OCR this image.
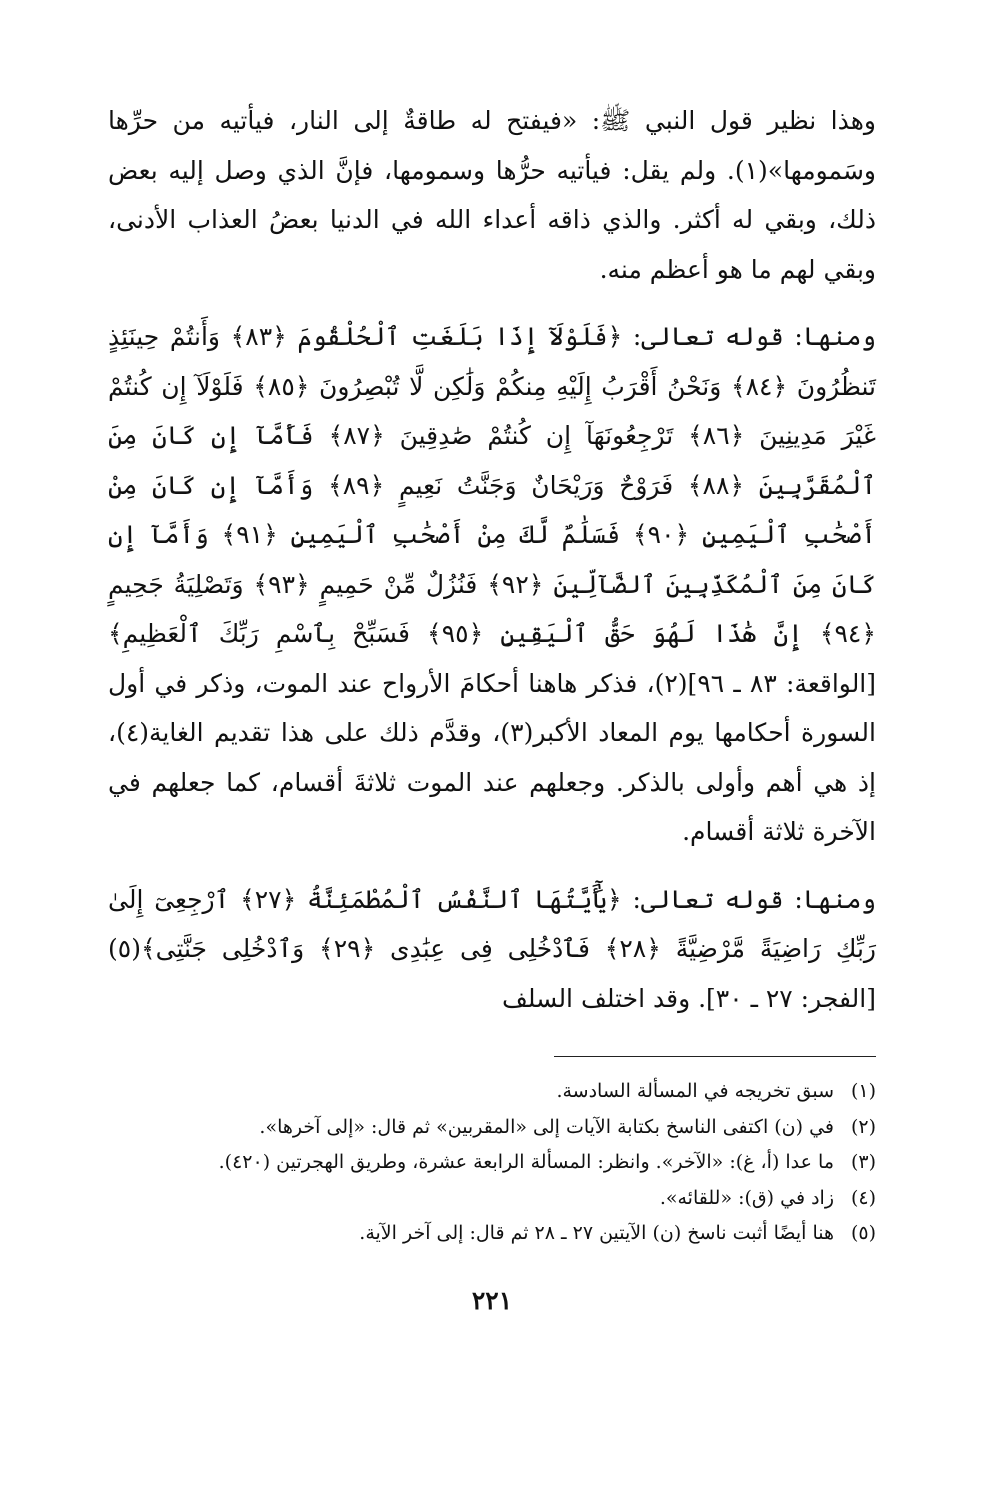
وهذا نظير قول النبي ﷺ: «فيفتح له طاقةٌ إلى النار، فيأتيه من حرِّها وسَمومها»(١). ولم يقل: فيأتيه حرُّها وسمومها، فإنَّ الذي وصل إليه بعض ذلك، وبقي له أكثر. والذي ذاقه أعداء الله في الدنيا بعضُ العذاب الأدنى، وبقي لهم ما هو أعظم منه.

ومنها: قوله تعالى: ﴿فَلَوْلَآ إِذَا بَلَغَتِ ٱلْحُلْقُومَ ﴿٨٣﴾ وَأَنتُمْ حِينَئِذٍ تَنظُرُونَ ﴿٨٤﴾ وَنَحْنُ أَقْرَبُ إِلَيْهِ مِنكُمْ وَلَٰكِن لَّا تُبْصِرُونَ ﴿٨٥﴾ فَلَوْلَآ إِن كُنتُمْ غَيْرَ مَدِينِينَ ﴿٨٦﴾ تَرْجِعُونَهَآ إِن كُنتُمْ صَٰدِقِينَ ﴿٨٧﴾ فَأَمَّآ إِن كَانَ مِنَ ٱلْمُقَرَّبِينَ ﴿٨٨﴾ فَرَوْحٌ وَرَيْحَانٌ وَجَنَّتُ نَعِيمٍ ﴿٨٩﴾ وَأَمَّآ إِن كَانَ مِنْ أَصْحَٰبِ ٱلْيَمِينِ ﴿٩٠﴾ فَسَلَٰمٌ لَّكَ مِنْ أَصْحَٰبِ ٱلْيَمِينِ ﴿٩١﴾ وَأَمَّآ إِن كَانَ مِنَ ٱلْمُكَذِّبِينَ ٱلضَّآلِّينَ ﴿٩٢﴾ فَنُزُلٌ مِّنْ حَمِيمٍ ﴿٩٣﴾ وَتَصْلِيَةُ جَحِيمٍ ﴿٩٤﴾ إِنَّ هَٰذَا لَهُوَ حَقُّ ٱلْيَقِينِ ﴿٩٥﴾ فَسَبِّحْ بِٱسْمِ رَبِّكَ ٱلْعَظِيمِ﴾ [الواقعة: ٨٣ ـ ٩٦](٢)، فذكر هاهنا أحكامَ الأرواح عند الموت، وذكر في أول السورة أحكامها يوم المعاد الأكبر(٣)، وقدَّم ذلك على هذا تقديم الغاية(٤)، إذ هي أهم وأولى بالذكر. وجعلهم عند الموت ثلاثةَ أقسام، كما جعلهم في الآخرة ثلاثة أقسام.

ومنها: قوله تعالى: ﴿يَٰٓأَيَّتُهَا ٱلنَّفْسُ ٱلْمُطْمَئِنَّةُ ﴿٢٧﴾ ٱرْجِعِىٓ إِلَىٰ رَبِّكِ رَاضِيَةً مَّرْضِيَّةً ﴿٢٨﴾ فَٱدْخُلِى فِى عِبَٰدِى ﴿٢٩﴾ وَٱدْخُلِى جَنَّتِى﴾(٥) [الفجر: ٢٧ ـ ٣٠]. وقد اختلف السلف

(١)
سبق تخريجه في المسألة السادسة.
(٢)
في (ن) اكتفى الناسخ بكتابة الآيات إلى «المقربين» ثم قال: «إلى آخرها».
(٣)
ما عدا (أ، غ): «الآخر». وانظر: المسألة الرابعة عشرة، وطريق الهجرتين (٤٢٠).
(٤)
زاد في (ق): «للقائه».
(٥)
هنا أيضًا أثبت ناسخ (ن) الآيتين ٢٧ ـ ٢٨ ثم قال: إلى آخر الآية.
٢٢١
